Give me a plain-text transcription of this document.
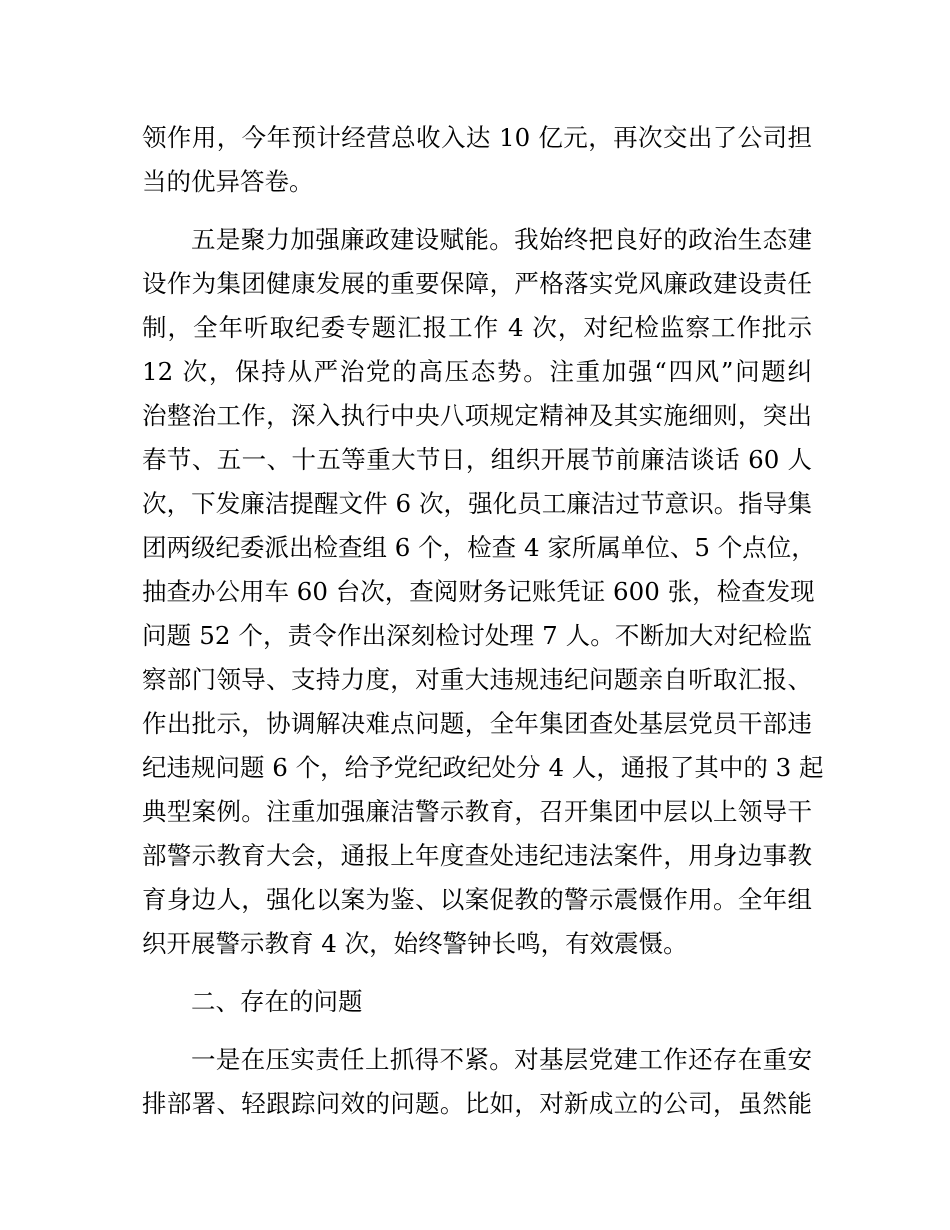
领作用，今年预计经营总收入达 10 亿元，再次交出了公司担
当的优异答卷。
五是聚力加强廉政建设赋能。我始终把良好的政治生态建
设作为集团健康发展的重要保障，严格落实党风廉政建设责任
制，全年听取纪委专题汇报工作 4 次，对纪检监察工作批示
12 次，保持从严治党的高压态势。注重加强“四风”问题纠
治整治工作，深入执行中央八项规定精神及其实施细则，突出
春节、五一、十五等重大节日，组织开展节前廉洁谈话 60 人
次，下发廉洁提醒文件 6 次，强化员工廉洁过节意识。指导集
团两级纪委派出检查组 6 个，检查 4 家所属单位、5 个点位，
抽查办公用车 60 台次，查阅财务记账凭证 600 张，检查发现
问题 52 个，责令作出深刻检讨处理 7 人。不断加大对纪检监
察部门领导、支持力度，对重大违规违纪问题亲自听取汇报、
作出批示，协调解决难点问题，全年集团查处基层党员干部违
纪违规问题 6 个，给予党纪政纪处分 4 人，通报了其中的 3 起
典型案例。注重加强廉洁警示教育，召开集团中层以上领导干
部警示教育大会，通报上年度查处违纪违法案件，用身边事教
育身边人，强化以案为鉴、以案促教的警示震慑作用。全年组
织开展警示教育 4 次，始终警钟长鸣，有效震慑。
二、存在的问题
一是在压实责任上抓得不紧。对基层党建工作还存在重安
排部署、轻跟踪问效的问题。比如，对新成立的公司，虽然能
